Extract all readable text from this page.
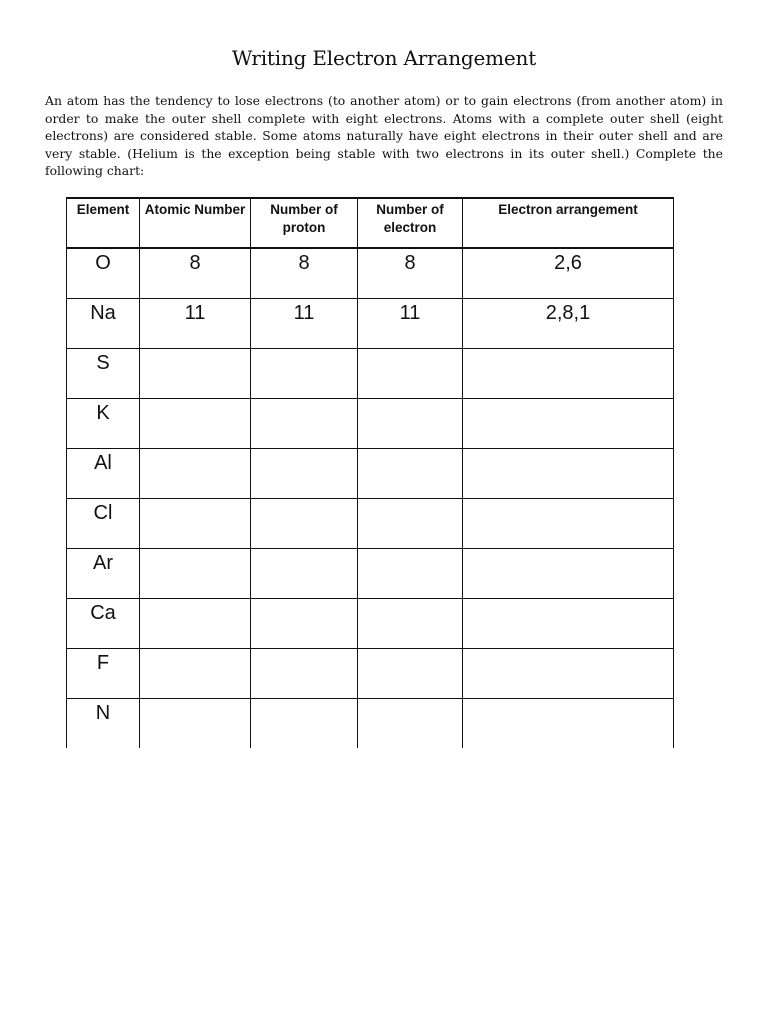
Writing Electron Arrangement
An atom has the tendency to lose electrons (to another atom) or to gain electrons (from another atom) in order to make the outer shell complete with eight electrons. Atoms with a complete outer shell (eight electrons) are considered stable. Some atoms naturally have eight electrons in their outer shell and are very stable. (Helium is the exception being stable with two electrons in its outer shell.) Complete the following chart:
Element	Atomic Number	Number of proton	Number of electron	Electron arrangement
O	8	8	8	2,6
Na	11	11	11	2,8,1
S				
K				
Al				
Cl				
Ar				
Ca				
F				
N				
